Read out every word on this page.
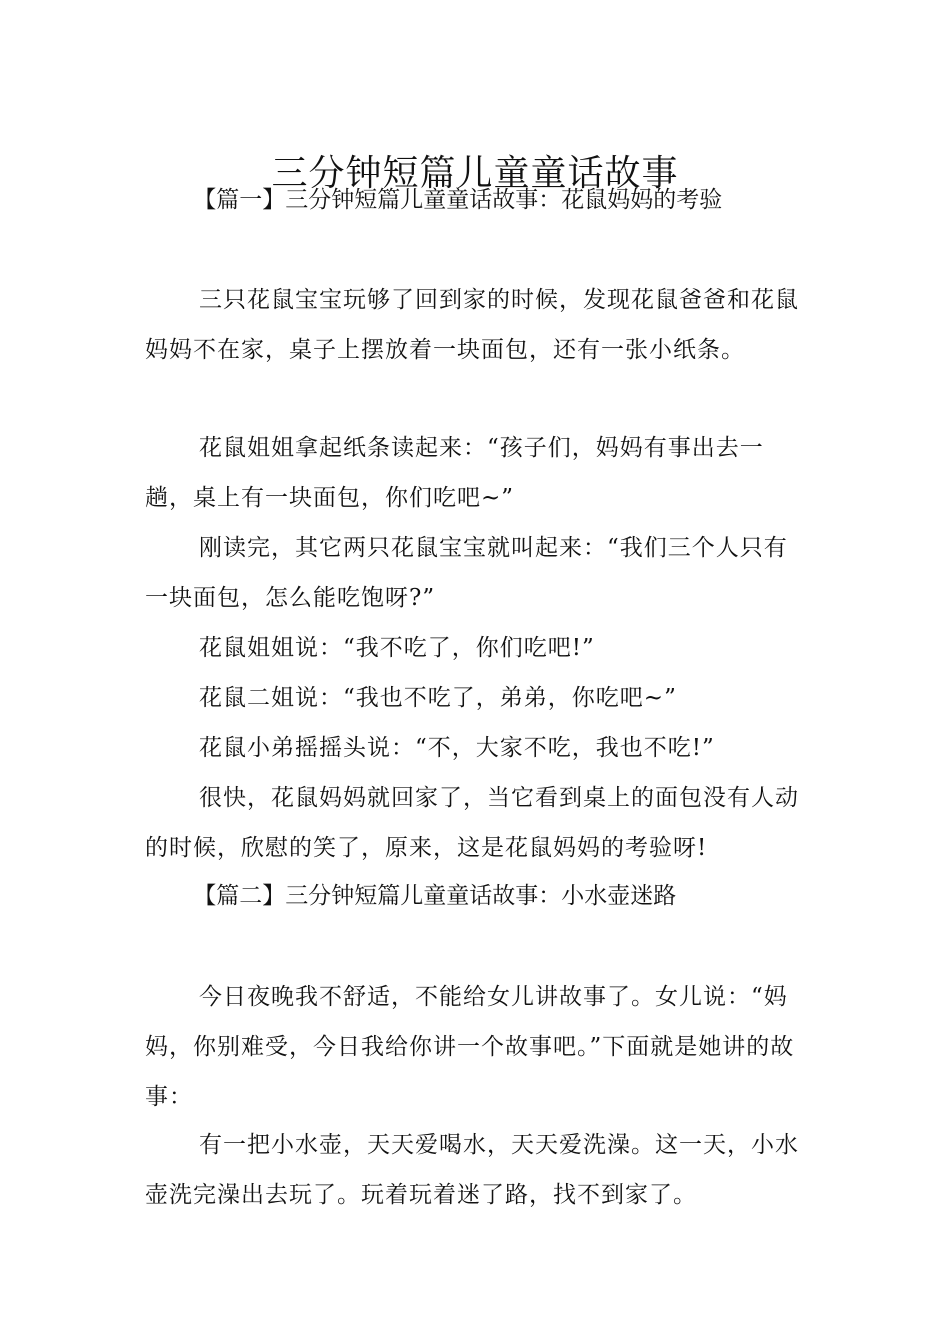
三分钟短篇儿童童话故事
【篇一】三分钟短篇儿童童话故事：花鼠妈妈的考验

三只花鼠宝宝玩够了回到家的时候，发现花鼠爸爸和花鼠妈妈不在家，桌子上摆放着一块面包，还有一张小纸条。

花鼠姐姐拿起纸条读起来：“孩子们，妈妈有事出去一趟，桌上有一块面包，你们吃吧~”

刚读完，其它两只花鼠宝宝就叫起来：“我们三个人只有一块面包，怎么能吃饱呀?”

花鼠姐姐说：“我不吃了，你们吃吧!”

花鼠二姐说：“我也不吃了，弟弟，你吃吧~”

花鼠小弟摇摇头说：“不，大家不吃，我也不吃!”

很快，花鼠妈妈就回家了，当它看到桌上的面包没有人动的时候，欣慰的笑了，原来，这是花鼠妈妈的考验呀!

【篇二】三分钟短篇儿童童话故事：小水壶迷路

今日夜晚我不舒适，不能给女儿讲故事了。女儿说：“妈妈，你别难受，今日我给你讲一个故事吧。”下面就是她讲的故事：

有一把小水壶，天天爱喝水，天天爱洗澡。这一天，小水壶洗完澡出去玩了。玩着玩着迷了路，找不到家了。
